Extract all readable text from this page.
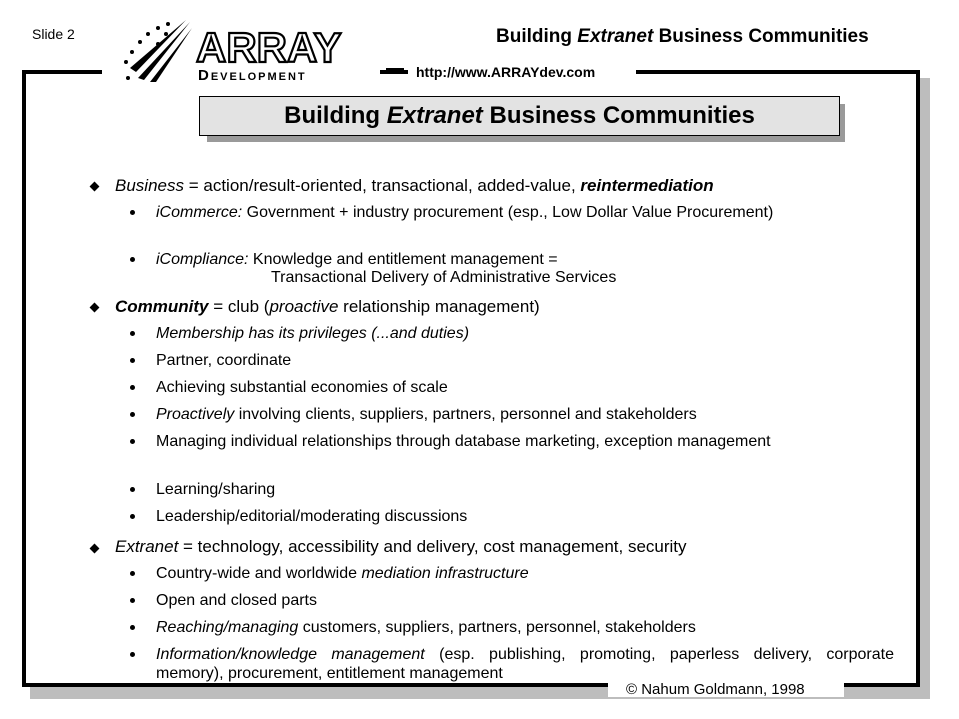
Slide 2	Building Extranet Business Communities
http://www.ARRAYdev.com
ARRAY
Development
Building Extranet Business Communities
Business = action/result-oriented, transactional, added-value, reintermediation
iCommerce: Government + industry procurement (esp., Low Dollar Value Procurement)
iCompliance: Knowledge and entitlement management =
Transactional Delivery of Administrative Services
Community = club (proactive relationship management)
Membership has its privileges (...and duties)
Partner, coordinate
Achieving substantial economies of scale
Proactively involving clients, suppliers, partners, personnel and stakeholders
Managing individual relationships through database marketing, exception management
Learning/sharing
Leadership/editorial/moderating discussions
Extranet = technology, accessibility and delivery, cost management, security
Country-wide and worldwide mediation infrastructure
Open and closed parts
Reaching/managing customers, suppliers, partners, personnel, stakeholders
Information/knowledge management (esp. publishing, promoting, paperless delivery, corporate memory), procurement, entitlement management
© Nahum Goldmann, 1998
